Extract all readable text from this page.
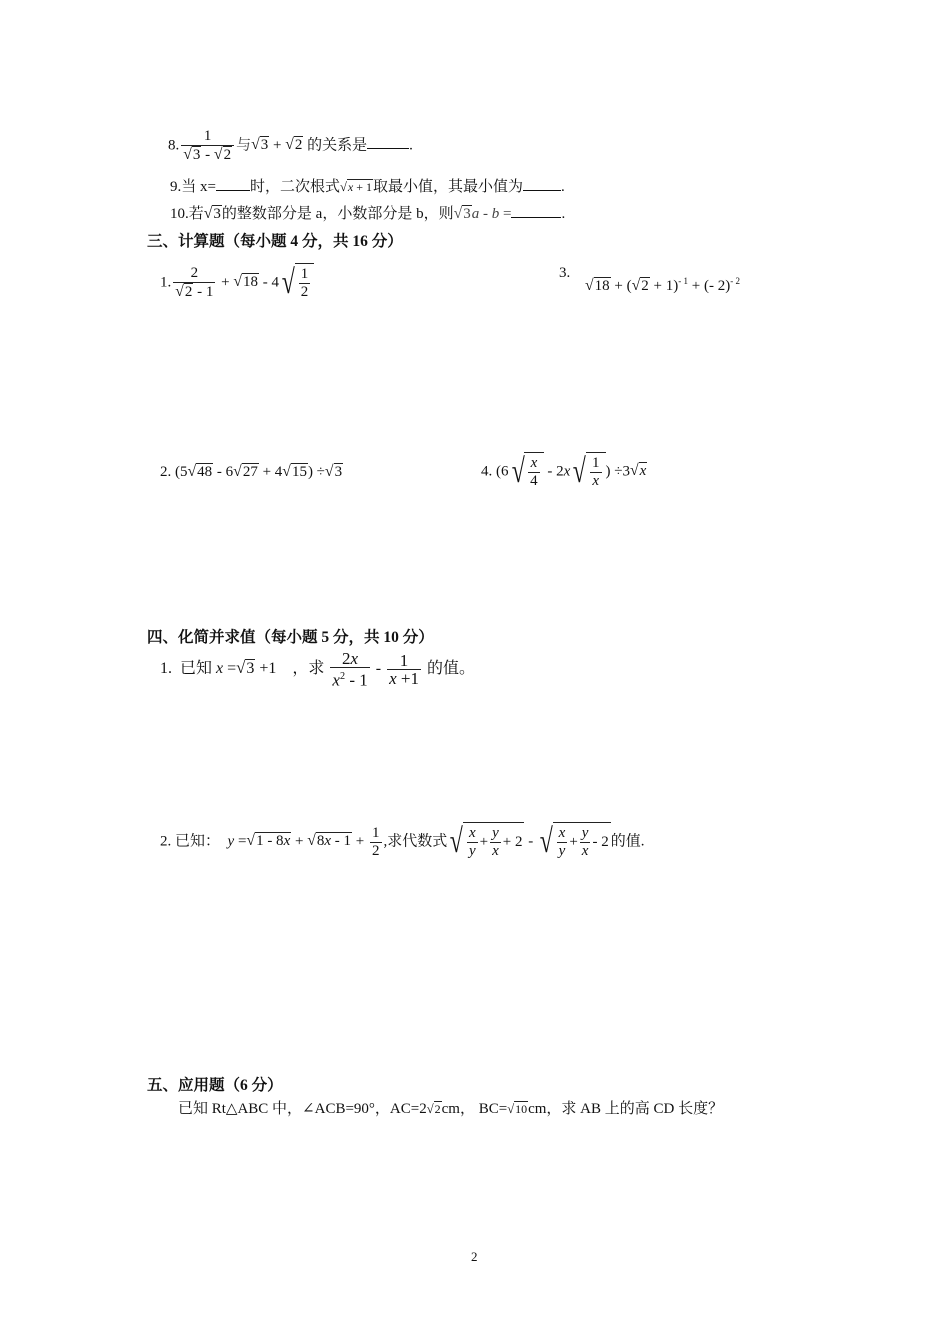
8. $\frac{1}{√3 - √2}$ 与√3 + √2 的关系是	.
9.当 x= 时，二次根式√x + 1取最小值，其最小值为	.
10.若√3的整数部分是 a，小数部分是 b，则√3a - b =	.
三、计算题（每小题 4 分，共 16 分）
1. $\frac{2}{√2 - 1} + √18 - 4$ √ $\frac{1}{2}$	3.
$√18 + (√2 + 1)^{- 1}$ + (- 2)$^{- 2}$
2. (5√48 - 6√27 + 4√15) ÷√3	4. (6 √ $\frac{x}{4} - 2x$ √ $\frac{1}{x}$ ) ÷3√x
四、化简并求值（每小题 5 分，共 10 分）
1. 已知 x =√3 +1    ，求 $\frac{2x}{x^2 - 1} - \frac{1}{x +1}$ 的值。
2. 已知： $y =√1 - 8x + √8x - 1 + \frac{1}{2}$ ,求代数式 √ $\frac{x}{y} + \frac{y}{x} + 2$ - √ $\frac{x}{y} + \frac{y}{x} - 2$ 的值.
五、应用题（6 分）
已知 Rt△ABC 中，∠ACB=90°，AC=2√2cm， BC=√10cm，求 AB 上的高 CD 长度？
2
